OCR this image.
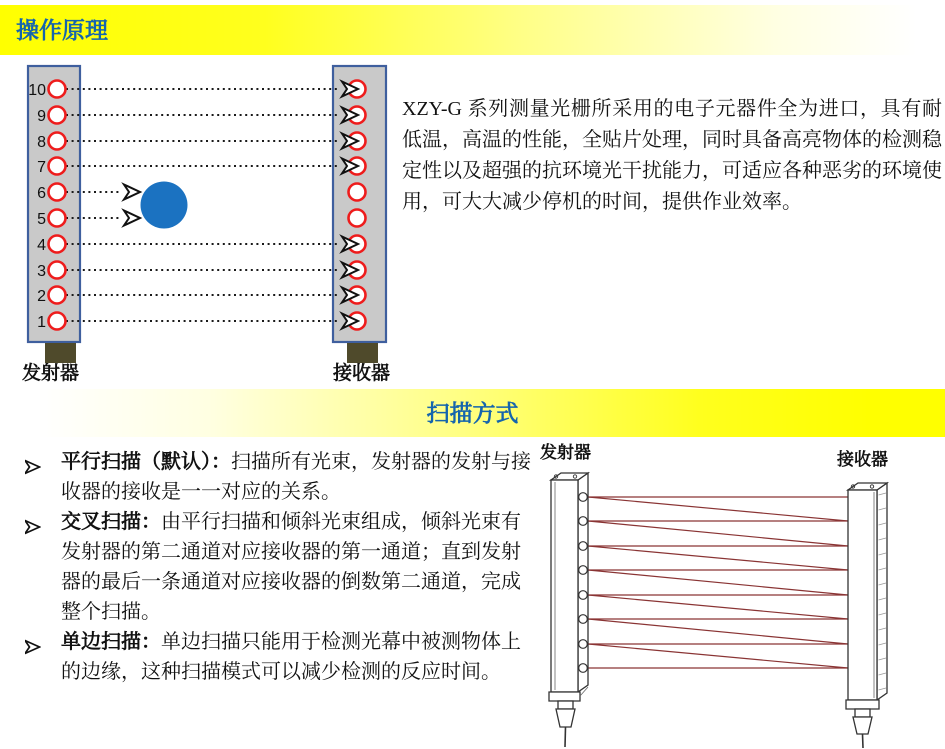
操作原理
10
9
8
7
6
5
4
3
2
1
发射器	接收器

XZY-G 系列测量光栅所采用的电子元器件全为进口，具有耐低温，高温的性能，全贴片处理，同时具备高亮物体的检测稳定性以及超强的抗环境光干扰能力，可适应各种恶劣的环境使用，可大大减少停机的时间，提供作业效率。

扫描方式
平行扫描（默认）：扫描所有光束，发射器的发射与接收器的接收是一一对应的关系。
交叉扫描：由平行扫描和倾斜光束组成，倾斜光束有发射器的第二通道对应接收器的第一通道；直到发射器的最后一条通道对应接收器的倒数第二通道，完成整个扫描。
单边扫描：单边扫描只能用于检测光幕中被测物体上的边缘，这种扫描模式可以减少检测的反应时间。
发射器	接收器
